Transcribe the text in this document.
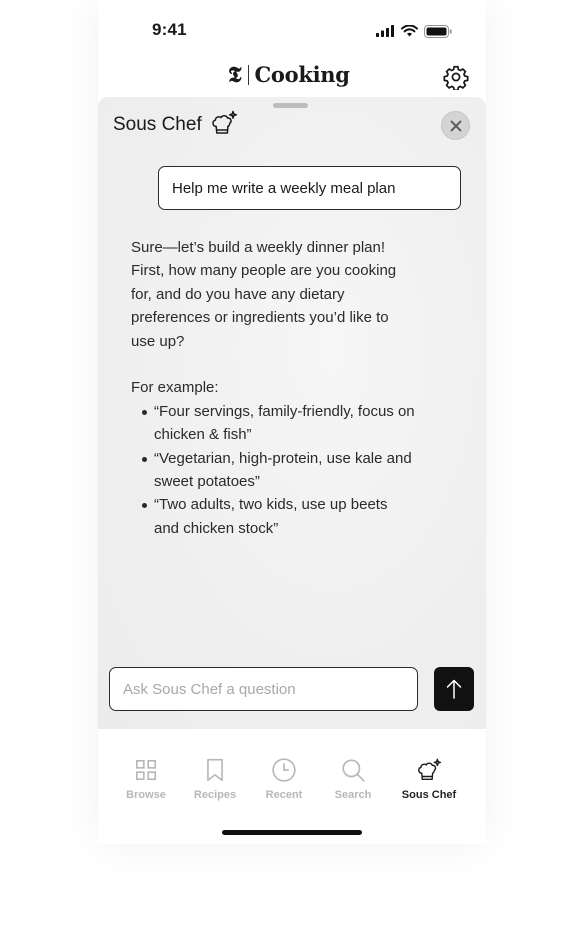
9:41
𝕿 Cooking
Sous Chef
Help me write a weekly meal plan

Sure—let’s build a weekly dinner plan! First, how many people are you cooking for, and do you have any dietary preferences or ingredients you’d like to use up?

For example:

“Four servings, family-friendly, focus on chicken & fish”
“Vegetarian, high-protein, use kale and sweet potatoes”
“Two adults, two kids, use up beets and chicken stock”
Ask Sous Chef a question
Browse	Recipes	Recent	Search	Sous Chef
